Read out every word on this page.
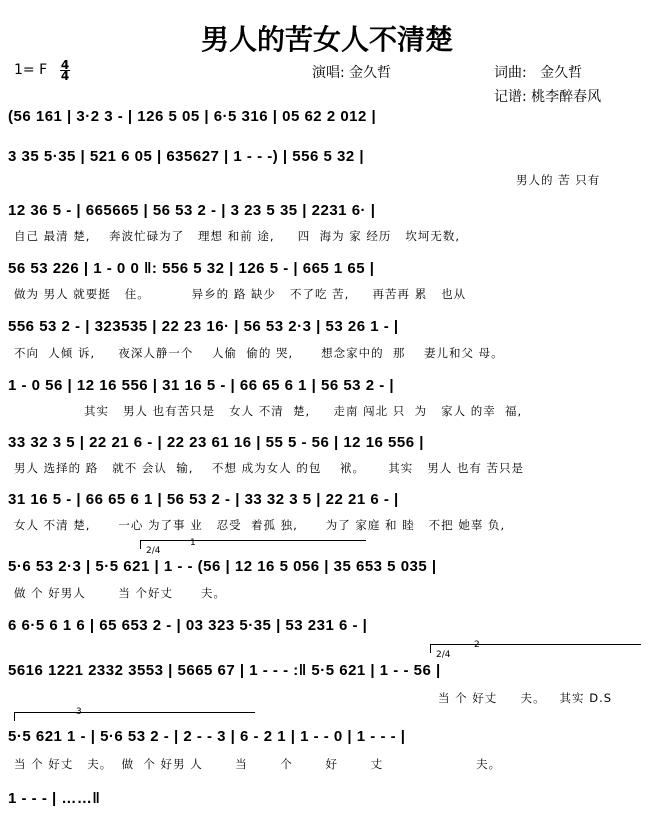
男人的苦女人不清楚
1= F 4
4	演唱: 金久哲	词曲:   金久哲
记谱: 桃李醉春风
(56 161 | 3·2 3 - | 126 5 05 | 6·5 316 | 05 62 2 012 |
3 35 5·35 | 521 6 05 | 635627 | 1 - - -) | 556 5 32 |
男人的 苦 只有
12 36 5 - | 665665 | 56 53 2 - | 3 23 5 35 | 2231 6· |
自己 最清 楚,    奔波忙碌为了   理想 和前 途,     四  海为 家 经历   坎坷无数,
56 53 226 | 1 - 0 0 ‖: 556 5 32 | 126 5 - | 665 1 65 |
做为 男人 就要挺   住。         异乡的 路 缺少   不了吃 苦,     再苦再 累   也从
556 53 2 - | 323535 | 22 23 16· | 56 53 2·3 | 53 26 1 - |
不向  人倾 诉,     夜深人静一个    人偷  偷的 哭,      想念家中的  那    妻儿和父 母。
1 - 0 56 | 12 16 556 | 31 16 5 - | 66 65 6 1 | 56 53 2 - |
其实   男人 也有苦只是   女人 不清  楚,     走南 闯北 只  为   家人 的幸  福,
33 32 3 5 | 22 21 6 - | 22 23 61 16 | 55 5 - 56 | 12 16 556 |
男人 选择的 路   就不 会认  输,    不想 成为女人 的包    袱。     其实   男人 也有 苦只是
31 16 5 - | 66 65 6 1 | 56 53 2 - | 33 32 3 5 | 22 21 6 - |
女人 不清 楚,      一心 为了事 业   忍受  着孤 独,      为了 家庭 和 睦   不把 她辜 负,
2/4
1
5·6 53 2·3 | 5·5 621 | 1 - - (56 | 12 16 5 056 | 35 653 5 035 |
做 个 好男人       当 个好丈      夫。
6 6·5 6 1 6 | 65 653 2 - | 03 323 5·35 | 53 231 6 - |
2/4
2
5616 1221 2332 3553 | 5665 67 | 1 - - - :‖ 5·5 621 | 1 - - 56 |
当 个 好丈     夫。   其实 D.S
3
5·5 621 1 - | 5·6 53 2 - | 2 - - 3 | 6 - 2 1 | 1 - - 0 | 1 - - - |
当 个 好丈   夫。  做  个 好男 人       当       个       好       丈                    夫。
1 - - - | ……‖
